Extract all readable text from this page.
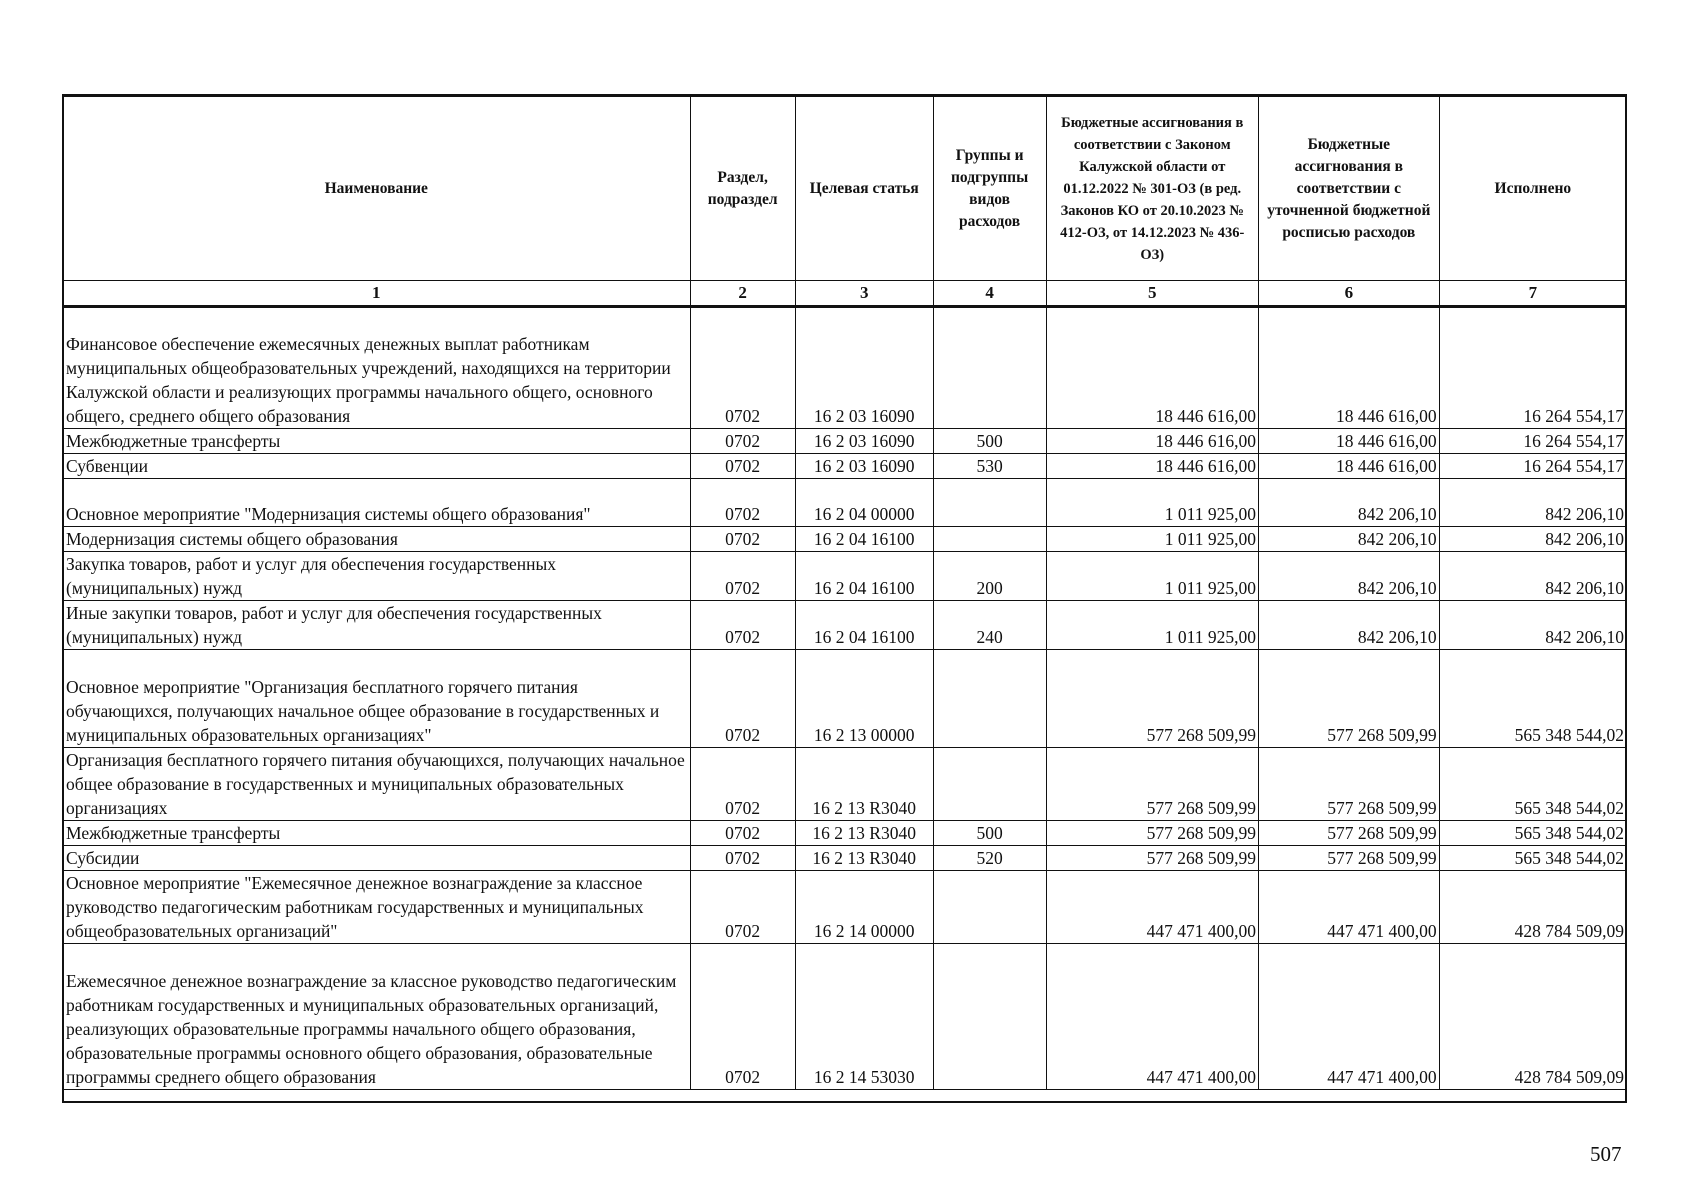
Наименование	Раздел, подраздел	Целевая статья	Группы и подгруппы видов расходов	Бюджетные ассигнования в соответствии с Законом Калужской области от 01.12.2022 № 301-ОЗ (в ред. Законов КО от 20.10.2023 № 412-ОЗ, от 14.12.2023 № 436-ОЗ)	Бюджетные ассигнования в соответствии с уточненной бюджетной росписью расходов	Исполнено
1	2	3	4	5	6	7
Финансовое обеспечение ежемесячных денежных выплат работникам муниципальных общеобразовательных учреждений, находящихся на территории Калужской области и реализующих программы начального общего, основного общего, среднего общего образования	0702	16 2 03 16090		18 446 616,00	18 446 616,00	16 264 554,17
Межбюджетные трансферты	0702	16 2 03 16090	500	18 446 616,00	18 446 616,00	16 264 554,17
Субвенции	0702	16 2 03 16090	530	18 446 616,00	18 446 616,00	16 264 554,17
Основное мероприятие "Модернизация системы общего образования"	0702	16 2 04 00000		1 011 925,00	842 206,10	842 206,10
Модернизация системы общего образования	0702	16 2 04 16100		1 011 925,00	842 206,10	842 206,10
Закупка товаров, работ и услуг для обеспечения государственных (муниципальных) нужд	0702	16 2 04 16100	200	1 011 925,00	842 206,10	842 206,10
Иные закупки товаров, работ и услуг для обеспечения государственных (муниципальных) нужд	0702	16 2 04 16100	240	1 011 925,00	842 206,10	842 206,10
Основное мероприятие "Организация бесплатного горячего питания обучающихся, получающих начальное общее образование в государственных и муниципальных образовательных организациях"	0702	16 2 13 00000		577 268 509,99	577 268 509,99	565 348 544,02
Организация бесплатного горячего питания обучающихся, получающих начальное общее образование в государственных и муниципальных образовательных организациях	0702	16 2 13 R3040		577 268 509,99	577 268 509,99	565 348 544,02
Межбюджетные трансферты	0702	16 2 13 R3040	500	577 268 509,99	577 268 509,99	565 348 544,02
Субсидии	0702	16 2 13 R3040	520	577 268 509,99	577 268 509,99	565 348 544,02
Основное мероприятие "Ежемесячное денежное вознаграждение за классное руководство педагогическим работникам государственных и муниципальных общеобразовательных организаций"	0702	16 2 14 00000		447 471 400,00	447 471 400,00	428 784 509,09
Ежемесячное денежное вознаграждение за классное руководство педагогическим работникам государственных и муниципальных образовательных организаций, реализующих образовательные программы начального общего образования, образовательные программы основного общего образования, образовательные программы среднего общего образования	0702	16 2 14 53030		447 471 400,00	447 471 400,00	428 784 509,09
507
